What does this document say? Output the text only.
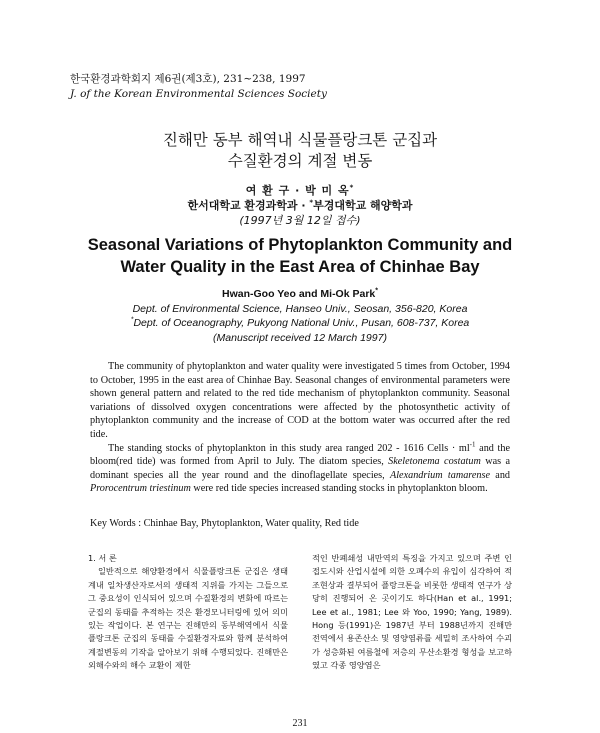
한국환경과학회지 제6권(제3호), 231∼238, 1997
J. of the Korean Environmental Sciences Society
진해만 동부 해역내 식물플랑크톤 군집과
수질환경의 계절 변동
여 환 구 · 박 미 옥*
한서대학교 환경과학과 · *부경대학교 해양학과
(1997년 3월 12일 접수)
Seasonal Variations of Phytoplankton Community and
Water Quality in the East Area of Chinhae Bay
Hwan-Goo Yeo and Mi-Ok Park*
Dept. of Environmental Science, Hanseo Univ., Seosan, 356-820, Korea
*Dept. of Oceanography, Pukyong National Univ., Pusan, 608-737, Korea
(Manuscript received 12 March 1997)

The community of phytoplankton and water quality were investigated 5 times from October, 1994 to October, 1995 in the east area of Chinhae Bay. Seasonal changes of environmental parameters were shown general pattern and related to the red tide mechanism of phytoplankton community. Seasonal variations of dissolved oxygen concentrations were affected by the photosynthetic activity of phytoplankton community and the increase of COD at the bottom water was occurred after the red tide.

The standing stocks of phytoplankton in this study area ranged 202 - 1616 Cells · $ml^{-1}$ and the bloom(red tide) was formed from April to July. The diatom species, Skeletonema costatum was a dominant species all the year round and the dinoflagellate species, Alexandrium tamarense and Prorocentrum triestinum were red tide species increased standing stocks in phytoplankton bloom.

Key Words : Chinhae Bay, Phytoplankton, Water quality, Red tide

1. 서 론

일반적으로 해양환경에서 식물플랑크톤 군집은 생태계내 일차생산자로서의 생태적 지위를 가지는 그들으로 그 중요성이 인식되어 있으며 수질환경의 변화에 따르는 군집의 동태를 추적하는 것은 환경모니터링에 있어 의미있는 작업이다. 본 연구는 진해만의 동부해역에서 식물플랑크톤 군집의 동태를 수질환경자료와 함께 분석하여 계절변동의 기작을 알아보기 위해 수행되었다. 진해만은 외해수와의 해수 교환이 제한

적인 반폐쇄성 내만역의 특징을 가지고 있으며 주변 인접도시와 산업시설에 의한 오폐수의 유입이 심각하여 적조현상과 결부되어 플랑크톤을 비롯한 생태적 연구가 상당히 진행되어 온 곳이기도 하다(Han et al., 1991; Lee et al., 1981; Lee 와 Yoo, 1990; Yang, 1989). Hong 등(1991)은 1987년 부터 1988년까지 진해만 전역에서 용존산소 및 영양염류를 세밀히 조사하여 수괴가 성층화된 여름철에 저층의 무산소환경 형성을 보고하였고 각종 영양염은

231
